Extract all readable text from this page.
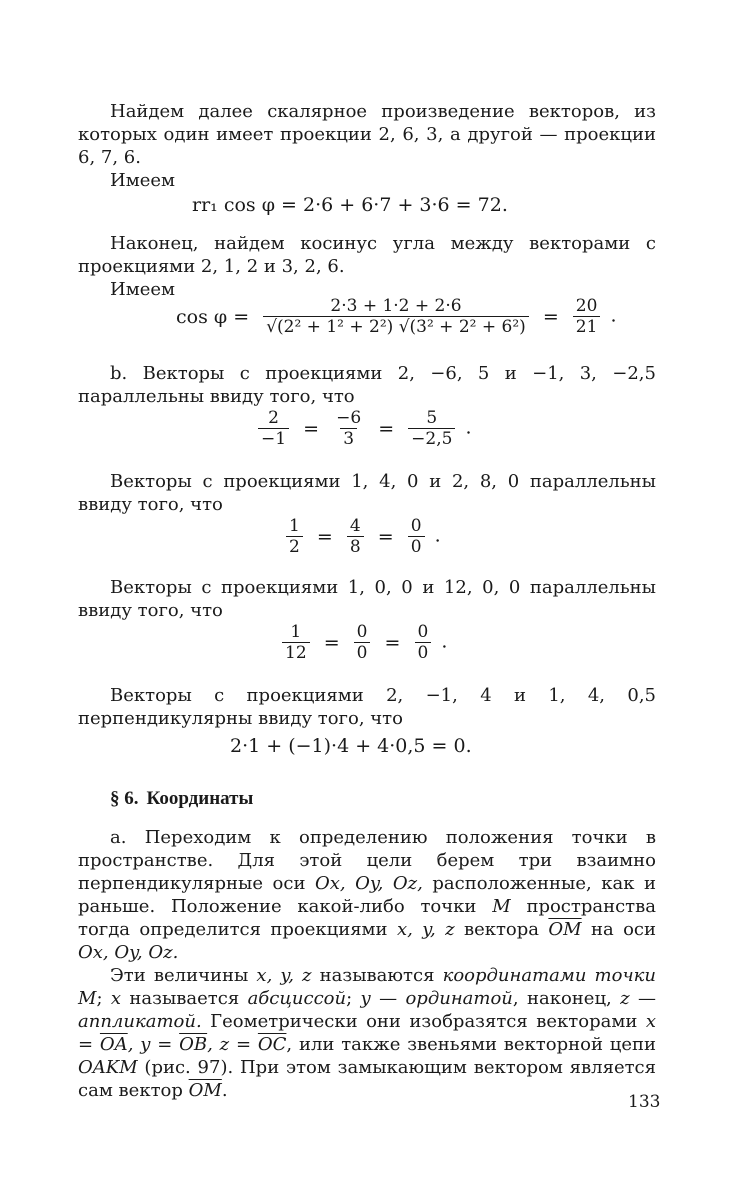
Найдем далее скалярное произведение векторов, из которых один имеет проекции 2, 6, 3, а другой — проекции 6, 7, 6.

Имеем

rr₁ cos φ = 2·6 + 6·7 + 3·6 = 72.

Наконец, найдем косинус угла между векторами с проекциями 2, 1, 2 и 3, 2, 6.

Имеем

$\cos \varphi = \frac{2\cdot 3 + 1\cdot 2 + 2\cdot 6}{\text{√(2² + 1² + 2²) √(3² + 2² + 6²)}} = \frac{20}{21}$ .

b. Векторы с проекциями 2, −6, 5 и −1, 3, −2,5 параллельны ввиду того, что

$\frac{2}{-1} = \frac{-6}{3} = \frac{5}{-2,5}$ .

Векторы с проекциями 1, 4, 0 и 2, 8, 0 параллельны ввиду того, что

$\frac{1}{2} = \frac{4}{8} = \frac{0}{0}$ .

Векторы с проекциями 1, 0, 0 и 12, 0, 0 параллельны ввиду того, что

$\frac{1}{12} = \frac{0}{0} = \frac{0}{0}$ .

Векторы с проекциями 2, −1, 4 и 1, 4, 0,5 перпендикулярны ввиду того, что

2·1 + (−1)·4 + 4·0,5 = 0.
§ 6. Координаты

a. Переходим к определению положения точки в пространстве. Для этой цели берем три взаимно перпендикулярные оси Ox, Oy, Oz, расположенные, как и раньше. Положение какой-либо точки M пространства тогда определится проекциями x, y, z вектора $\overline{OM}$ на оси Ox, Oy, Oz.

Эти величины x, y, z называются координатами точки M; x называется абсциссой; y — ординатой, наконец, z — аппликатой. Геометрически они изобразятся векторами $x = \overline{OA}$, $y = \overline{OB}$, $z = \overline{OC}$, или также звеньями векторной цепи OAKM (рис. 97). При этом замыкающим вектором является сам вектор $\overline{OM}$.

133
